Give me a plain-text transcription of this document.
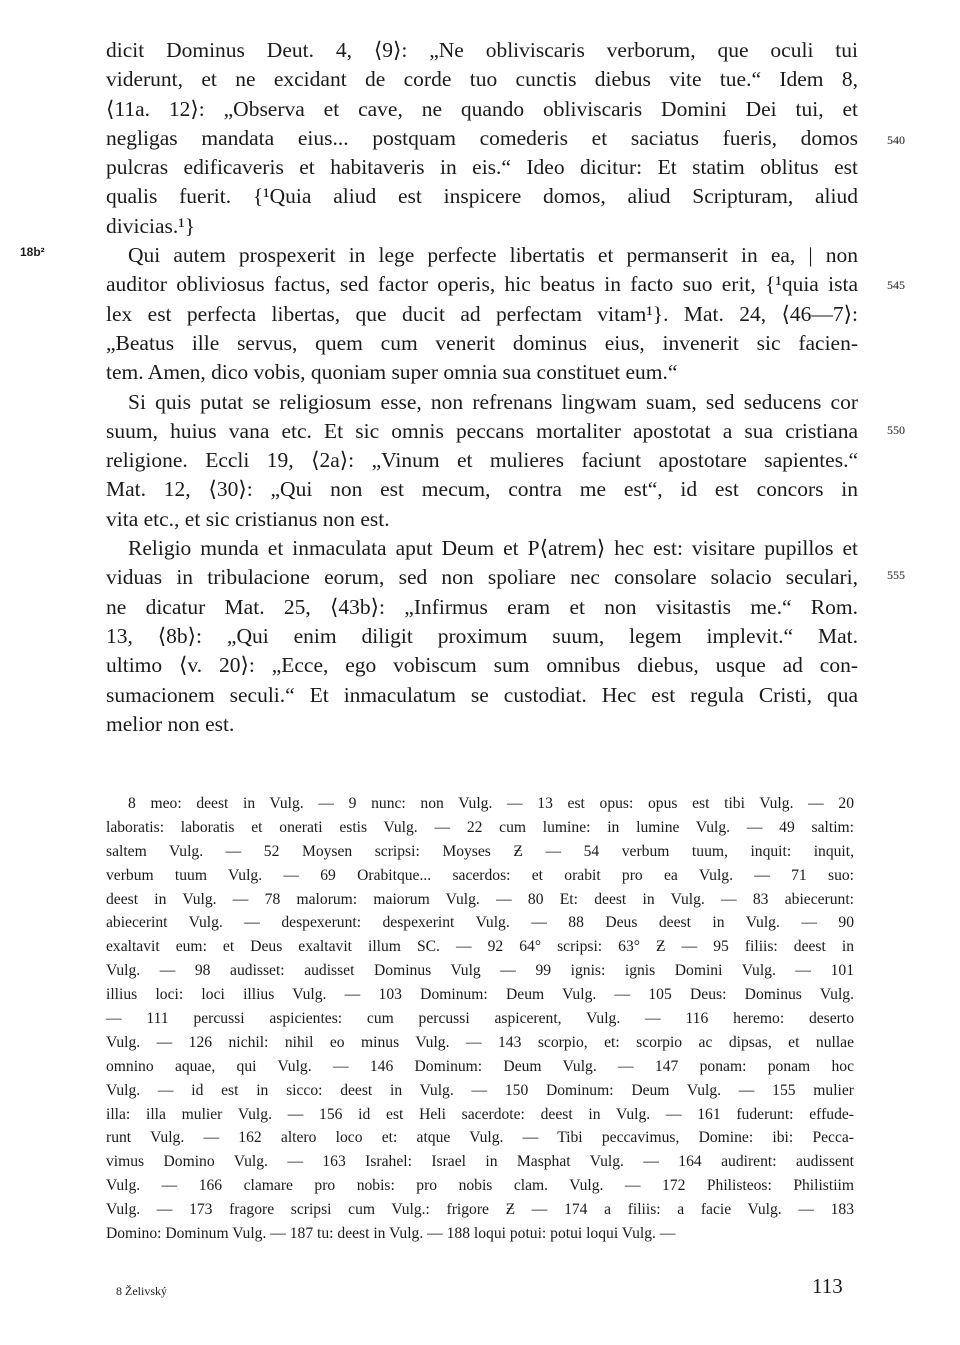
dicit Dominus Deut. 4, ⟨9⟩: „Ne obliviscaris verborum, que oculi tui
viderunt, et ne excidant de corde tuo cunctis diebus vite tue.“ Idem 8,
⟨11a. 12⟩: „Observa et cave, ne quando obliviscaris Domini Dei tui, et
negligas mandata eius... postquam comederis et saciatus fueris, domos
pulcras edificaveris et habitaveris in eis.“ Ideo dicitur: Et statim oblitus est
qualis fuerit. {¹Quia aliud est inspicere domos, aliud Scripturam, aliud
divicias.¹}
Qui autem prospexerit in lege perfecte libertatis et permanserit in ea, | non
auditor obliviosus factus, sed factor operis, hic beatus in facto suo erit, {¹quia ista
lex est perfecta libertas, que ducit ad perfectam vitam¹}. Mat. 24, ⟨46—7⟩:
„Beatus ille servus, quem cum venerit dominus eius, invenerit sic facien-
tem. Amen, dico vobis, quoniam super omnia sua constituet eum.“
Si quis putat se religiosum esse, non refrenans lingwam suam, sed seducens cor
suum, huius vana etc. Et sic omnis peccans mortaliter apostotat a sua cristiana
religione. Eccli 19, ⟨2a⟩: „Vinum et mulieres faciunt apostotare sapientes.“
Mat. 12, ⟨30⟩: „Qui non est mecum, contra me est“, id est concors in
vita etc., et sic cristianus non est.
Religio munda et inmaculata aput Deum et P⟨atrem⟩ hec est: visitare pupillos et
viduas in tribulacione eorum, sed non spoliare nec consolare solacio seculari,
ne dicatur Mat. 25, ⟨43b⟩: „Infirmus eram et non visitastis me.“ Rom.
13, ⟨8b⟩: „Qui enim diligit proximum suum, legem implevit.“ Mat.
ultimo ⟨v. 20⟩: „Ecce, ego vobiscum sum omnibus diebus, usque ad con-
sumacionem seculi.“ Et inmaculatum se custodiat. Hec est regula Cristi, qua
melior non est.
18b²
540
545
550
555
8 meo: deest in Vulg. — 9 nunc: non Vulg. — 13 est opus: opus est tibi Vulg. — 20
laboratis: laboratis et onerati estis Vulg. — 22 cum lumine: in lumine Vulg. — 49 saltim:
saltem Vulg. — 52 Moysen scripsi: Moyses Ƶ — 54 verbum tuum, inquit: inquit,
verbum tuum Vulg. — 69 Orabitque... sacerdos: et orabit pro ea Vulg. — 71 suo:
deest in Vulg. — 78 malorum: maiorum Vulg. — 80 Et: deest in Vulg. — 83 abiecerunt:
abiecerint Vulg. — despexerunt: despexerint Vulg. — 88 Deus deest in Vulg. — 90
exaltavit eum: et Deus exaltavit illum SC. — 92 64° scripsi: 63° Ƶ — 95 filiis: deest in
Vulg. — 98 audisset: audisset Dominus Vulg — 99 ignis: ignis Domini Vulg. — 101
illius loci: loci illius Vulg. — 103 Dominum: Deum Vulg. — 105 Deus: Dominus Vulg.
— 111 percussi aspicientes: cum percussi aspicerent, Vulg. — 116 heremo: deserto
Vulg. — 126 nichil: nihil eo minus Vulg. — 143 scorpio, et: scorpio ac dipsas, et nullae
omnino aquae, qui Vulg. — 146 Dominum: Deum Vulg. — 147 ponam: ponam hoc
Vulg. — id est in sicco: deest in Vulg. — 150 Dominum: Deum Vulg. — 155 mulier
illa: illa mulier Vulg. — 156 id est Heli sacerdote: deest in Vulg. — 161 fuderunt: effude-
runt Vulg. — 162 altero loco et: atque Vulg. — Tibi peccavimus, Domine: ibi: Pecca-
vimus Domino Vulg. — 163 Israhel: Israel in Masphat Vulg. — 164 audirent: audissent
Vulg. — 166 clamare pro nobis: pro nobis clam. Vulg. — 172 Philisteos: Philistiim
Vulg. — 173 fragore scripsi cum Vulg.: frigore Ƶ — 174 a filiis: a facie Vulg. — 183
Domino: Dominum Vulg. — 187 tu: deest in Vulg. — 188 loqui potui: potui loqui Vulg. —
8 Želivský	113
